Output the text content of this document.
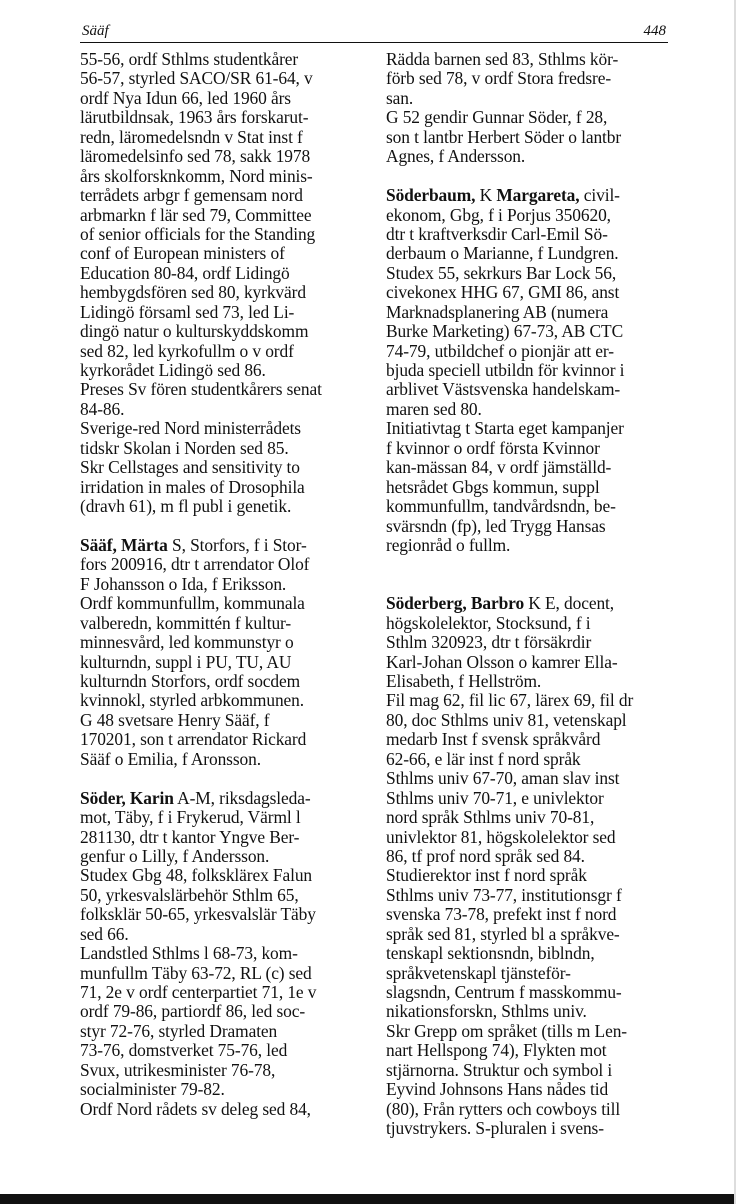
Sääf	448
55-56, ordf Sthlms studentkårer
56-57, styrled SACO/SR 61-64, v
ordf Nya Idun 66, led 1960 års
lärutbildnsak, 1963 års forskarut-
redn, läromedelsndn v Stat inst f
läromedelsinfo sed 78, sakk 1978
års skolforsknkomm, Nord minis-
terrådets arbgr f gemensam nord
arbmarkn f lär sed 79, Committee
of senior officials for the Standing
conf of European ministers of
Education 80-84, ordf Lidingö
hembygdsfören sed 80, kyrkvärd
Lidingö församl sed 73, led Li-
dingö natur o kulturskyddskomm
sed 82, led kyrkofullm o v ordf
kyrkorådet Lidingö sed 86.
Preses Sv fören studentkårers senat
84-86.
Sverige-red Nord ministerrådets
tidskr Skolan i Norden sed 85.
Skr Cellstages and sensitivity to
irridation in males of Drosophila
(dravh 61), m fl publ i genetik.
Sääf, Märta S, Storfors, f i Stor-
fors 200916, dtr t arrendator Olof
F Johansson o Ida, f Eriksson.
Ordf kommunfullm, kommunala
valberedn, kommittén f kultur-
minnesvård, led kommunstyr o
kulturndn, suppl i PU, TU, AU
kulturndn Storfors, ordf socdem
kvinnokl, styrled arbkommunen.
G 48 svetsare Henry Sääf, f
170201, son t arrendator Rickard
Sääf o Emilia, f Aronsson.
Söder, Karin A-M, riksdagsleda-
mot, Täby, f i Frykerud, Värml l
281130, dtr t kantor Yngve Ber-
genfur o Lilly, f Andersson.
Studex Gbg 48, folksklärex Falun
50, yrkesvalslärbehör Sthlm 65,
folksklär 50-65, yrkesvalslär Täby
sed 66.
Landstled Sthlms l 68-73, kom-
munfullm Täby 63-72, RL (c) sed
71, 2e v ordf centerpartiet 71, 1e v
ordf 79-86, partiordf 86, led soc-
styr 72-76, styrled Dramaten
73-76, domstverket 75-76, led
Svux, utrikesminister 76-78,
socialminister 79-82.
Ordf Nord rådets sv deleg sed 84,
Rädda barnen sed 83, Sthlms kör-
förb sed 78, v ordf Stora fredsre-
san.
G 52 gendir Gunnar Söder, f 28,
son t lantbr Herbert Söder o lantbr
Agnes, f Andersson.
Söderbaum, K Margareta, civil-
ekonom, Gbg, f i Porjus 350620,
dtr t kraftverksdir Carl-Emil Sö-
derbaum o Marianne, f Lundgren.
Studex 55, sekrkurs Bar Lock 56,
civekonex HHG 67, GMI 86, anst
Marknadsplanering AB (numera
Burke Marketing) 67-73, AB CTC
74-79, utbildchef o pionjär att er-
bjuda speciell utbildn för kvinnor i
arblivet Västsvenska handelskam-
maren sed 80.
Initiativtag t Starta eget kampanjer
f kvinnor o ordf första Kvinnor
kan-mässan 84, v ordf jämställd-
hetsrådet Gbgs kommun, suppl
kommunfullm, tandvårdsndn, be-
svärsndn (fp), led Trygg Hansas
regionråd o fullm.
Söderberg, Barbro K E, docent,
högskolelektor, Stocksund, f i
Sthlm 320923, dtr t försäkrdir
Karl-Johan Olsson o kamrer Ella-
Elisabeth, f Hellström.
Fil mag 62, fil lic 67, lärex 69, fil dr
80, doc Sthlms univ 81, vetenskapl
medarb Inst f svensk språkvård
62-66, e lär inst f nord språk
Sthlms univ 67-70, aman slav inst
Sthlms univ 70-71, e univlektor
nord språk Sthlms univ 70-81,
univlektor 81, högskolelektor sed
86, tf prof nord språk sed 84.
Studierektor inst f nord språk
Sthlms univ 73-77, institutionsgr f
svenska 73-78, prefekt inst f nord
språk sed 81, styrled bl a språkve-
tenskapl sektionsndn, biblndn,
språkvetenskapl tjänsteför-
slagsndn, Centrum f masskommu-
nikationsforskn, Sthlms univ.
Skr Grepp om språket (tills m Len-
nart Hellspong 74), Flykten mot
stjärnorna. Struktur och symbol i
Eyvind Johnsons Hans nådes tid
(80), Från rytters och cowboys till
tjuvstrykers. S-pluralen i svens-
